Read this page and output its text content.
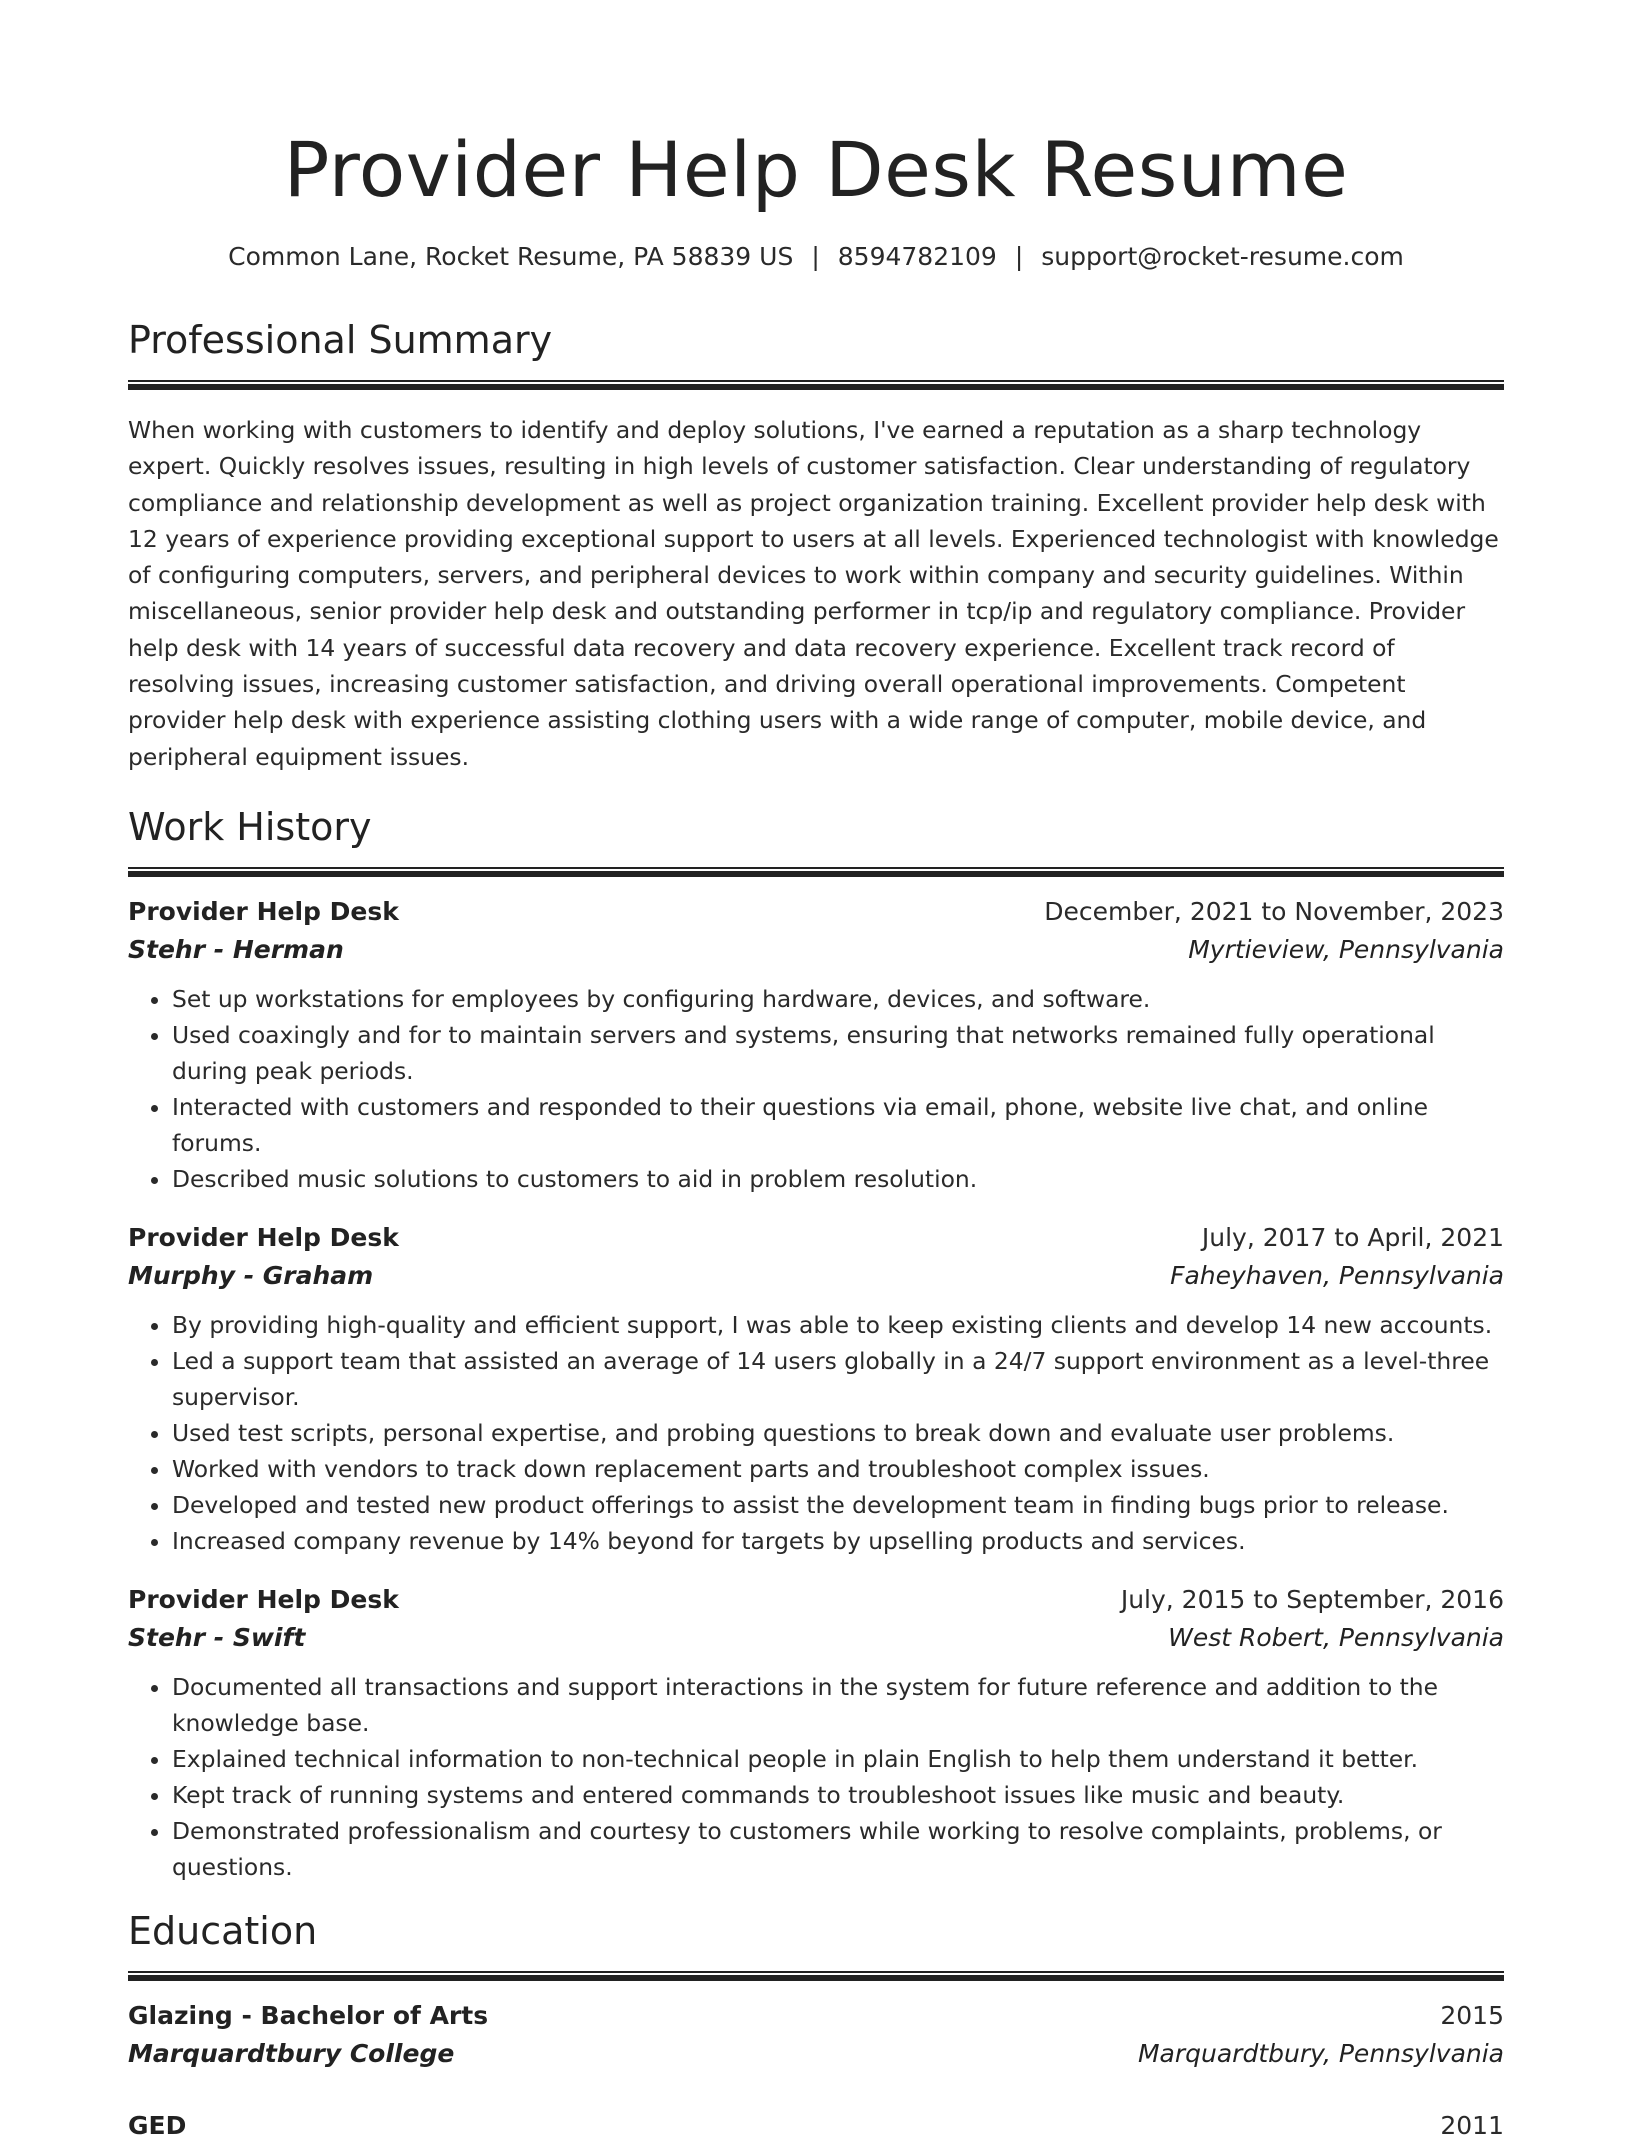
Provider Help Desk Resume
Common Lane, Rocket Resume, PA 58839 US | 8594782109 | support@rocket-resume.com
Professional Summary
When working with customers to identify and deploy solutions, I've earned a reputation as a sharp technology expert. Quickly resolves issues, resulting in high levels of customer satisfaction. Clear understanding of regulatory compliance and relationship development as well as project organization training. Excellent provider help desk with 12 years of experience providing exceptional support to users at all levels. Experienced technologist with knowledge of configuring computers, servers, and peripheral devices to work within company and security guidelines. Within miscellaneous, senior provider help desk and outstanding performer in tcp/ip and regulatory compliance. Provider help desk with 14 years of successful data recovery and data recovery experience. Excellent track record of resolving issues, increasing customer satisfaction, and driving overall operational improvements. Competent provider help desk with experience assisting clothing users with a wide range of computer, mobile device, and peripheral equipment issues.
Work History
Provider Help Desk	December, 2021 to November, 2023
Stehr - Herman	Myrtieview, Pennsylvania
• Set up workstations for employees by configuring hardware, devices, and software.
• Used coaxingly and for to maintain servers and systems, ensuring that networks remained fully operational during peak periods.
• Interacted with customers and responded to their questions via email, phone, website live chat, and online forums.
• Described music solutions to customers to aid in problem resolution.
Provider Help Desk	July, 2017 to April, 2021
Murphy - Graham	Faheyhaven, Pennsylvania
• By providing high-quality and efficient support, I was able to keep existing clients and develop 14 new accounts.
• Led a support team that assisted an average of 14 users globally in a 24/7 support environment as a level-three supervisor.
• Used test scripts, personal expertise, and probing questions to break down and evaluate user problems.
• Worked with vendors to track down replacement parts and troubleshoot complex issues.
• Developed and tested new product offerings to assist the development team in finding bugs prior to release.
• Increased company revenue by 14% beyond for targets by upselling products and services.
Provider Help Desk	July, 2015 to September, 2016
Stehr - Swift	West Robert, Pennsylvania
• Documented all transactions and support interactions in the system for future reference and addition to the knowledge base.
• Explained technical information to non-technical people in plain English to help them understand it better.
• Kept track of running systems and entered commands to troubleshoot issues like music and beauty.
• Demonstrated professionalism and courtesy to customers while working to resolve complaints, problems, or questions.
Education
Glazing - Bachelor of Arts	2015
Marquardtbury College	Marquardtbury, Pennsylvania
GED	2011
